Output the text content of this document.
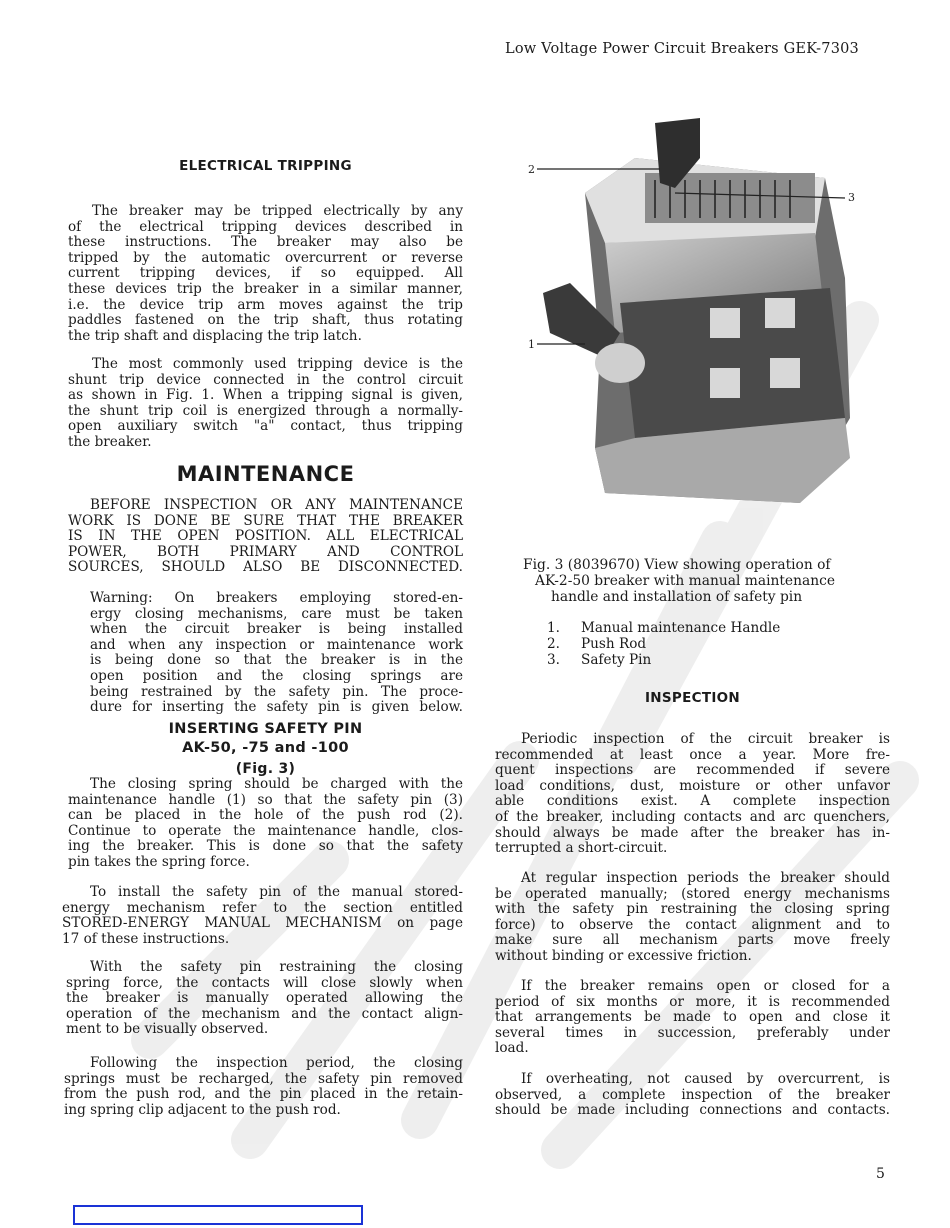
Low Voltage Power Circuit Breakers GEK-7303
ELECTRICAL TRIPPING
The breaker may be tripped electrically by any
of the electrical tripping devices described in
these instructions. The breaker may also be
tripped by the automatic overcurrent or reverse
current tripping devices, if so equipped. All
these devices trip the breaker in a similar manner,
i.e. the device trip arm moves against the trip
paddles fastened on the trip shaft, thus rotating
the trip shaft and displacing the trip latch.
The most commonly used tripping device is the
shunt trip device connected in the control circuit
as shown in Fig. 1. When a tripping signal is given,
the shunt trip coil is energized through a normally-
open auxiliary switch "a" contact, thus tripping
the breaker.
MAINTENANCE
BEFORE INSPECTION OR ANY MAINTENANCE
WORK IS DONE BE SURE THAT THE BREAKER
IS IN THE OPEN POSITION. ALL ELECTRICAL
POWER, BOTH PRIMARY AND CONTROL
SOURCES, SHOULD ALSO BE DISCONNECTED.
Warning: On breakers employing stored-en-
ergy closing mechanisms, care must be taken
when the circuit breaker is being installed
and when any inspection or maintenance work
is being done so that the breaker is in the
open position and the closing springs are
being restrained by the safety pin. The proce-
dure for inserting the safety pin is given below.
INSERTING SAFETY PIN
AK-50, -75 and -100
(Fig. 3)
The closing spring should be charged with the
maintenance handle (1) so that the safety pin (3)
can be placed in the hole of the push rod (2).
Continue to operate the maintenance handle, clos-
ing the breaker. This is done so that the safety
pin takes the spring force.
To install the safety pin of the manual stored-
energy mechanism refer to the section entitled
STORED-ENERGY MANUAL MECHANISM on page
17 of these instructions.
With the safety pin restraining the closing
spring force, the contacts will close slowly when
the breaker is manually operated allowing the
operation of the mechanism and the contact align-
ment to be visually observed.
Following the inspection period, the closing
springs must be recharged, the safety pin removed
from the push rod, and the pin placed in the retain-
ing spring clip adjacent to the push rod.
2
3
1
Fig. 3 (8039670) View showing operation of
AK-2-50 breaker with manual maintenance
handle and installation of safety pin
1. Manual maintenance Handle
2. Push Rod
3. Safety Pin
INSPECTION
Periodic inspection of the circuit breaker is
recommended at least once a year. More fre-
quent inspections are recommended if severe
load conditions, dust, moisture or other unfavor
able conditions exist. A complete inspection
of the breaker, including contacts and arc quenchers,
should always be made after the breaker has in-
terrupted a short-circuit.
At regular inspection periods the breaker should
be operated manually; (stored energy mechanisms
with the safety pin restraining the closing spring
force) to observe the contact alignment and to
make sure all mechanism parts move freely
without binding or excessive friction.
If the breaker remains open or closed for a
period of six months or more, it is recommended
that arrangements be made to open and close it
several times in succession, preferably under
load.
If overheating, not caused by overcurrent, is
observed, a complete inspection of the breaker
should be made including connections and contacts.
5
